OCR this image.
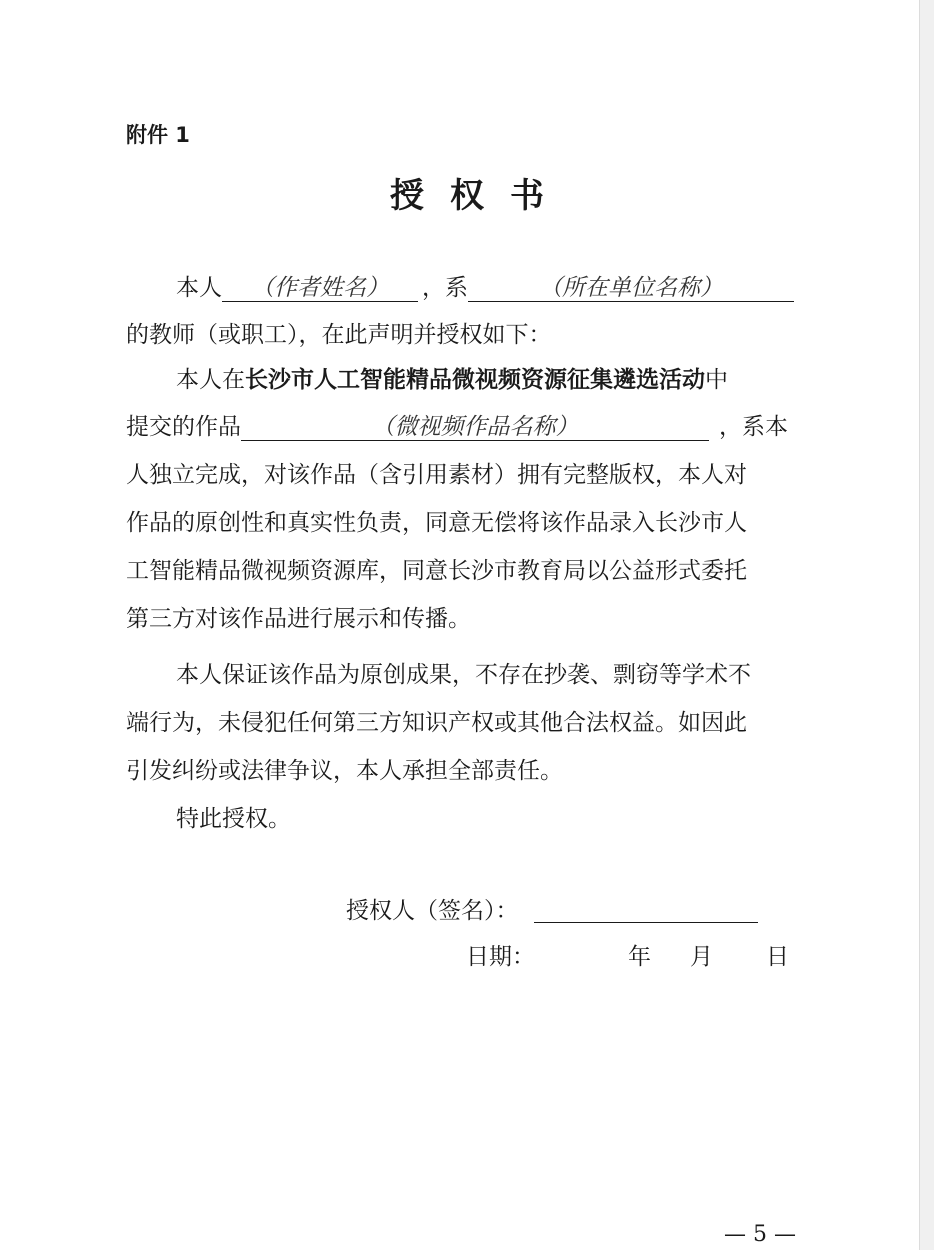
附件 1
授权书
本人 （作者姓名） ，系	（所在单位名称）
的教师（或职工），在此声明并授权如下：
本人在长沙市人工智能精品微视频资源征集遴选活动中
提交的作品	（微视频作品名称）	，系本
人独立完成，对该作品（含引用素材）拥有完整版权，本人对
作品的原创性和真实性负责，同意无偿将该作品录入长沙市人
工智能精品微视频资源库，同意长沙市教育局以公益形式委托
第三方对该作品进行展示和传播。
本人保证该作品为原创成果，不存在抄袭、剽窃等学术不
端行为，未侵犯任何第三方知识产权或其他合法权益。如因此
引发纠纷或法律争议，本人承担全部责任。
特此授权。
授权人（签名）：
日期：	年 月 日
— 5 —
